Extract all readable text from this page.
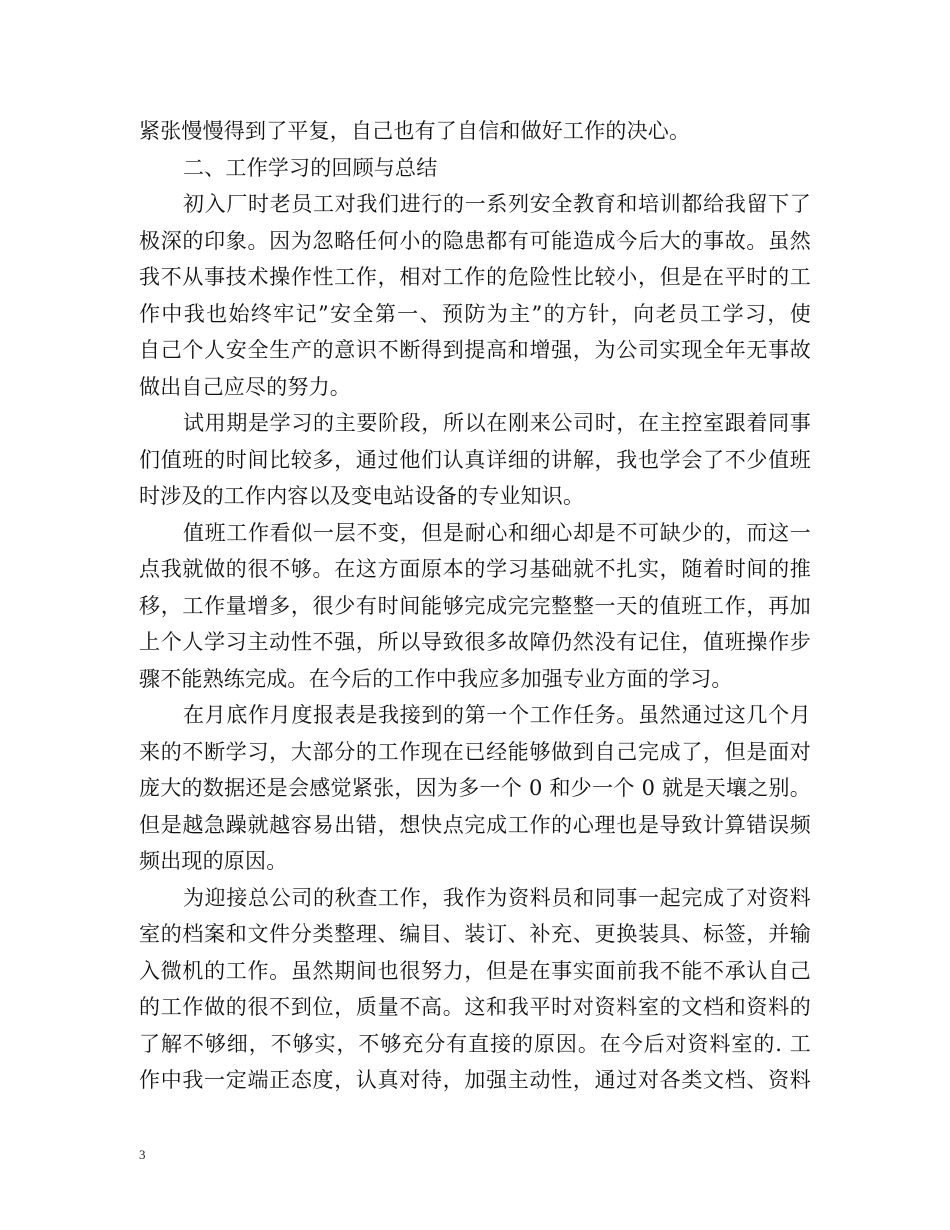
紧张慢慢得到了平复，自己也有了自信和做好工作的决心。
二、工作学习的回顾与总结
初入厂时老员工对我们进行的一系列安全教育和培训都给我留下了
极深的印象。因为忽略任何小的隐患都有可能造成今后大的事故。虽然
我不从事技术操作性工作，相对工作的危险性比较小，但是在平时的工
作中我也始终牢记”安全第一、预防为主”的方针，向老员工学习，使
自己个人安全生产的意识不断得到提高和增强，为公司实现全年无事故
做出自己应尽的努力。
试用期是学习的主要阶段，所以在刚来公司时，在主控室跟着同事
们值班的时间比较多，通过他们认真详细的讲解，我也学会了不少值班
时涉及的工作内容以及变电站设备的专业知识。
值班工作看似一层不变，但是耐心和细心却是不可缺少的，而这一
点我就做的很不够。在这方面原本的学习基础就不扎实，随着时间的推
移，工作量增多，很少有时间能够完成完完整整一天的值班工作，再加
上个人学习主动性不强，所以导致很多故障仍然没有记住，值班操作步
骤不能熟练完成。在今后的工作中我应多加强专业方面的学习。
在月底作月度报表是我接到的第一个工作任务。虽然通过这几个月
来的不断学习，大部分的工作现在已经能够做到自己完成了，但是面对
庞大的数据还是会感觉紧张，因为多一个 0 和少一个 0 就是天壤之别。
但是越急躁就越容易出错，想快点完成工作的心理也是导致计算错误频
频出现的原因。
为迎接总公司的秋查工作，我作为资料员和同事一起完成了对资料
室的档案和文件分类整理、编目、装订、补充、更换装具、标签，并输
入微机的工作。虽然期间也很努力，但是在事实面前我不能不承认自己
的工作做的很不到位，质量不高。这和我平时对资料室的文档和资料的
了解不够细，不够实，不够充分有直接的原因。在今后对资料室的. 工
作中我一定端正态度，认真对待，加强主动性，通过对各类文档、资料
3
